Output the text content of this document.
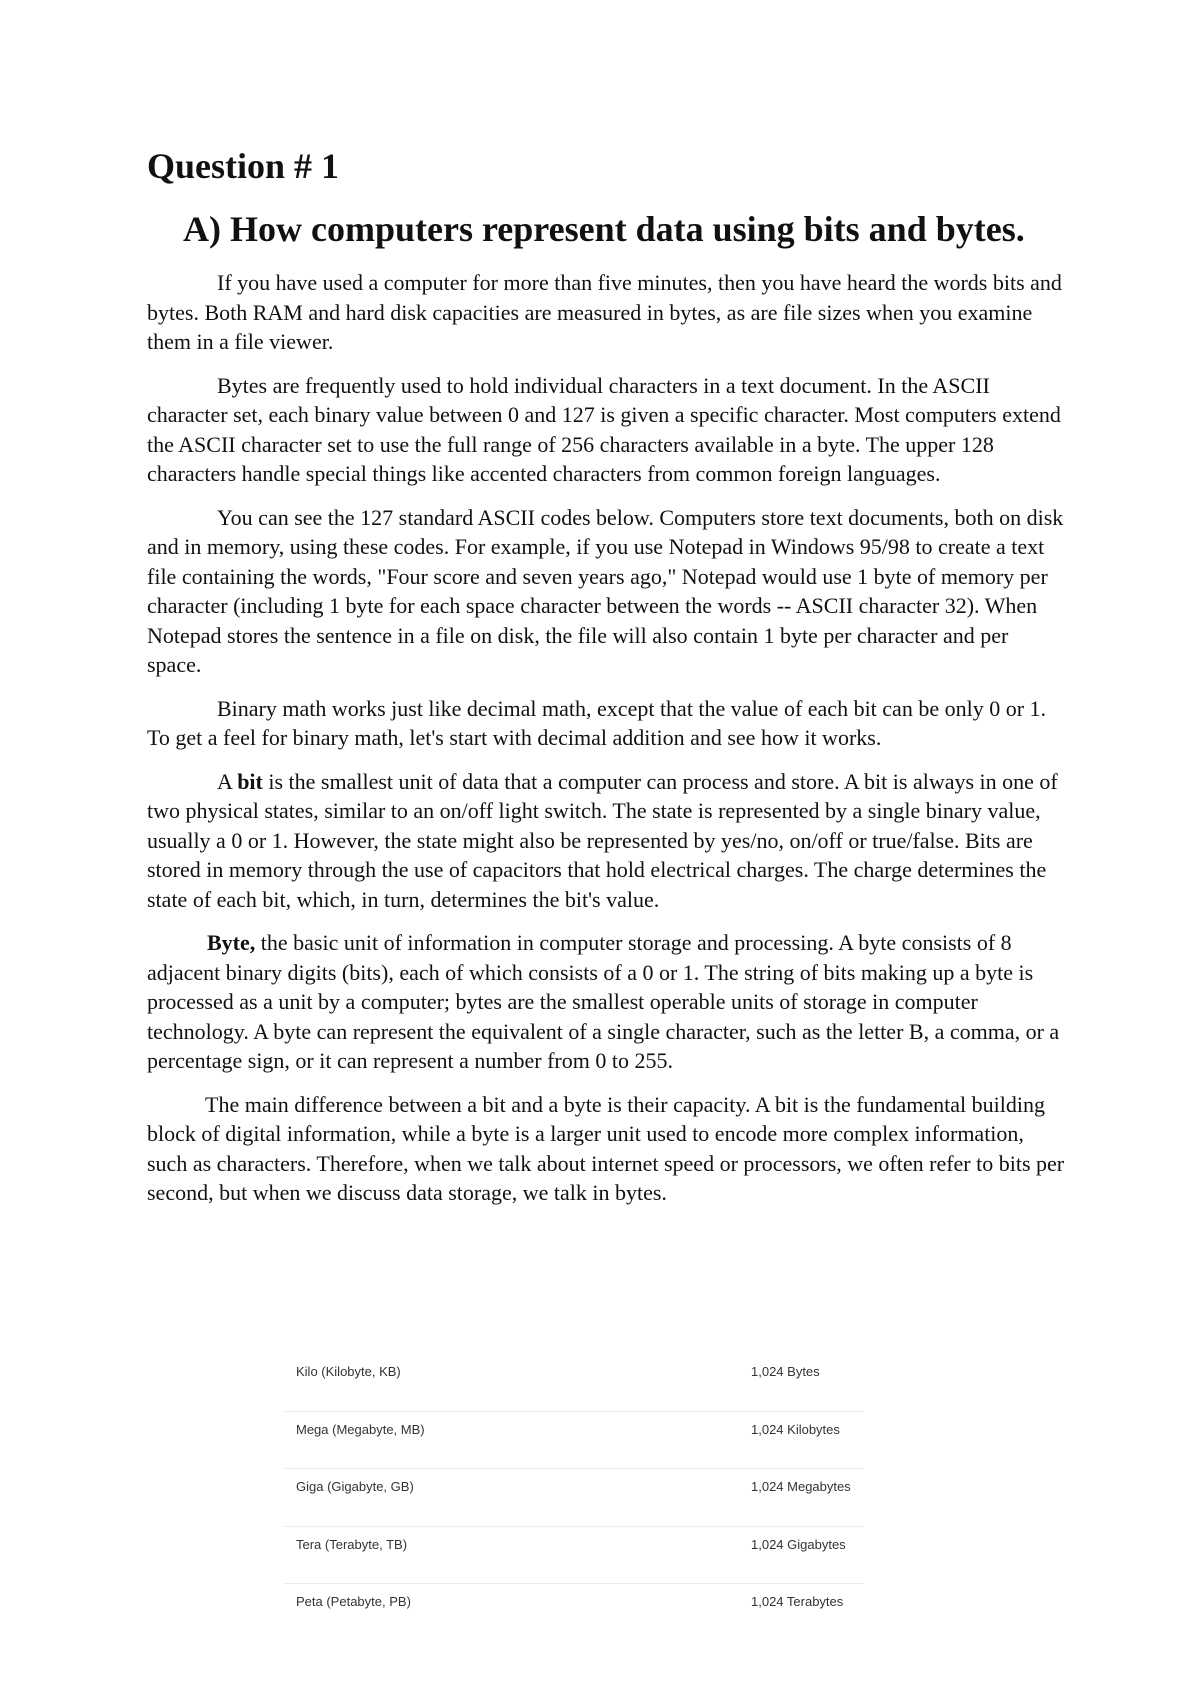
Question # 1
A) How computers represent data using bits and bytes.

If you have used a computer for more than five minutes, then you have heard the words bits and bytes. Both RAM and hard disk capacities are measured in bytes, as are file sizes when you examine them in a file viewer.

Bytes are frequently used to hold individual characters in a text document. In the ASCII character set, each binary value between 0 and 127 is given a specific character. Most computers extend the ASCII character set to use the full range of 256 characters available in a byte. The upper 128 characters handle special things like accented characters from common foreign languages.

You can see the 127 standard ASCII codes below. Computers store text documents, both on disk and in memory, using these codes. For example, if you use Notepad in Windows 95/98 to create a text file containing the words, "Four score and seven years ago," Notepad would use 1 byte of memory per character (including 1 byte for each space character between the words -- ASCII character 32). When Notepad stores the sentence in a file on disk, the file will also contain 1 byte per character and per space.

Binary math works just like decimal math, except that the value of each bit can be only 0 or 1. To get a feel for binary math, let's start with decimal addition and see how it works.

A bit is the smallest unit of data that a computer can process and store. A bit is always in one of two physical states, similar to an on/off light switch. The state is represented by a single binary value, usually a 0 or 1. However, the state might also be represented by yes/no, on/off or true/false. Bits are stored in memory through the use of capacitors that hold electrical charges. The charge determines the state of each bit, which, in turn, determines the bit's value.

Byte, the basic unit of information in computer storage and processing. A byte consists of 8 adjacent binary digits (bits), each of which consists of a 0 or 1. The string of bits making up a byte is processed as a unit by a computer; bytes are the smallest operable units of storage in computer technology. A byte can represent the equivalent of a single character, such as the letter B, a comma, or a percentage sign, or it can represent a number from 0 to 255.

The main difference between a bit and a byte is their capacity. A bit is the fundamental building block of digital information, while a byte is a larger unit used to encode more complex information, such as characters. Therefore, when we talk about internet speed or processors, we often refer to bits per second, but when we discuss data storage, we talk in bytes.

Kilo (Kilobyte, KB)	1,024 Bytes
Mega (Megabyte, MB)	1,024 Kilobytes
Giga (Gigabyte, GB)	1,024 Megabytes
Tera (Terabyte, TB)	1,024 Gigabytes
Peta (Petabyte, PB)	1,024 Terabytes
